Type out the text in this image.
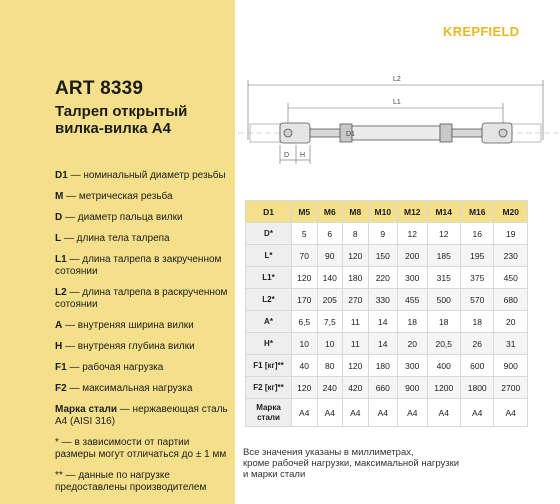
ART 8339
Талреп открытый
вилка-вилка A4
D1 — номинальный диаметр резьбы
M — метрическая резьба
D — диаметр пальца вилки
L — длина тела талрепа
L1 — длина талрепа в закрученном сотоянии
L2 — длина талрепа в раскрученном сотоянии
A — внутреняя ширина вилки
H — внутреняя глубина вилки
F1 — рабочая нагрузка
F2 — максимальная нагрузка
Марка стали — нержавеющая сталь A4 (AISI 316)
* — в зависимости от партии размеры могут отличаться до ± 1 мм
** — данные по нагрузке предоставлены производителем
KREPFIELD
L2
L1
D1
D H
D1	M5	M6	M8	M10	M12	M14	M16	M20
D*	5	6	8	9	12	12	16	19
L*	70	90	120	150	200	185	195	230
L1*	120	140	180	220	300	315	375	450
L2*	170	205	270	330	455	500	570	680
A*	6,5	7,5	11	14	18	18	18	20
H*	10	10	11	14	20	20,5	26	31
F1 [кг]**	40	80	120	180	300	400	600	900
F2 [кг]**	120	240	420	660	900	1200	1800	2700

Марка
стали	A4	A4	A4	A4	A4	A4	A4	A4
Все значения указаны в миллиметрах,
кроме рабочей нагрузки, максимальной нагрузки
и марки стали
